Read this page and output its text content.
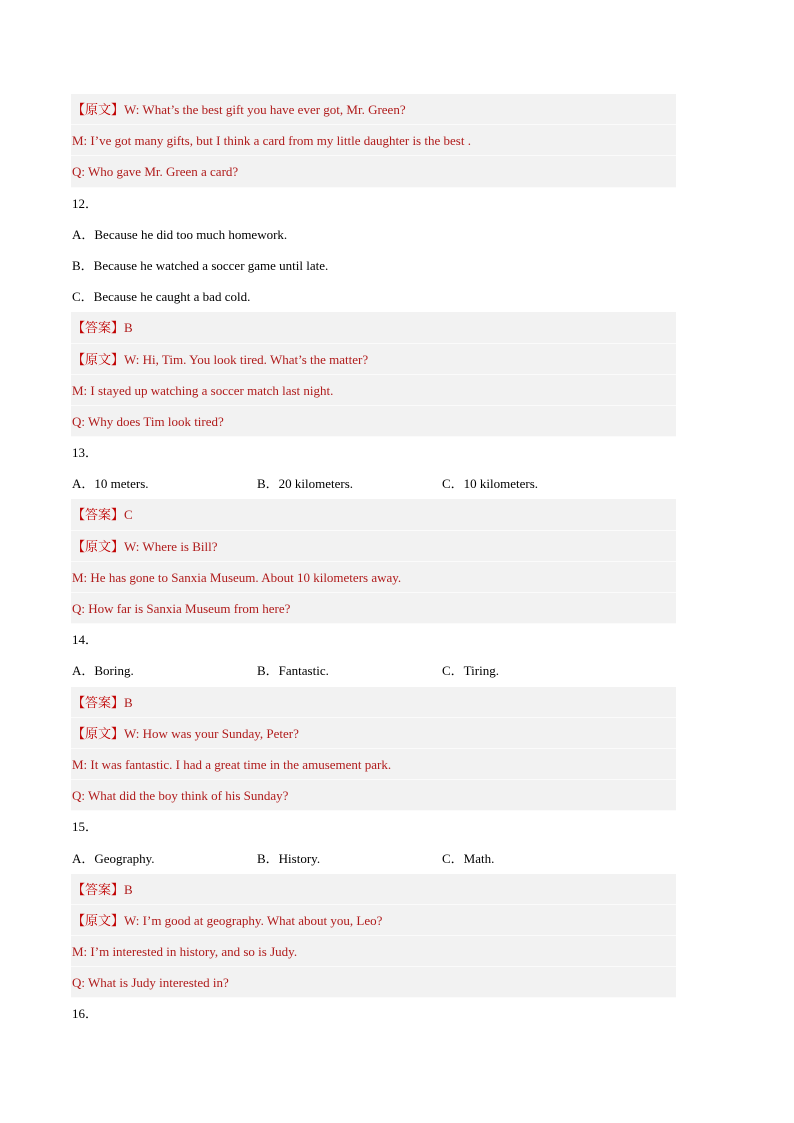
【原文】W: What’s the best gift you have ever got, Mr. Green?
M: I’ve got many gifts, but I think a card from my little daughter is the best .
Q: Who gave Mr. Green a card?
12．
A．Because he did too much homework.
B．Because he watched a soccer game until late.
C．Because he caught a bad cold.
【答案】B
【原文】W: Hi, Tim. You look tired. What’s the matter?
M: I stayed up watching a soccer match last night.
Q: Why does Tim look tired?
13．
A．10 meters.	B．20 kilometers.	C．10 kilometers.
【答案】C
【原文】W: Where is Bill?
M: He has gone to Sanxia Museum. About 10 kilometers away.
Q: How far is Sanxia Museum from here?
14．
A．Boring.	B．Fantastic.	C．Tiring.
【答案】B
【原文】W: How was your Sunday, Peter?
M: It was fantastic. I had a great time in the amusement park.
Q: What did the boy think of his Sunday?
15．
A．Geography.	B．History.	C．Math.
【答案】B
【原文】W: I’m good at geography. What about you, Leo?
M: I’m interested in history, and so is Judy.
Q: What is Judy interested in?
16．
